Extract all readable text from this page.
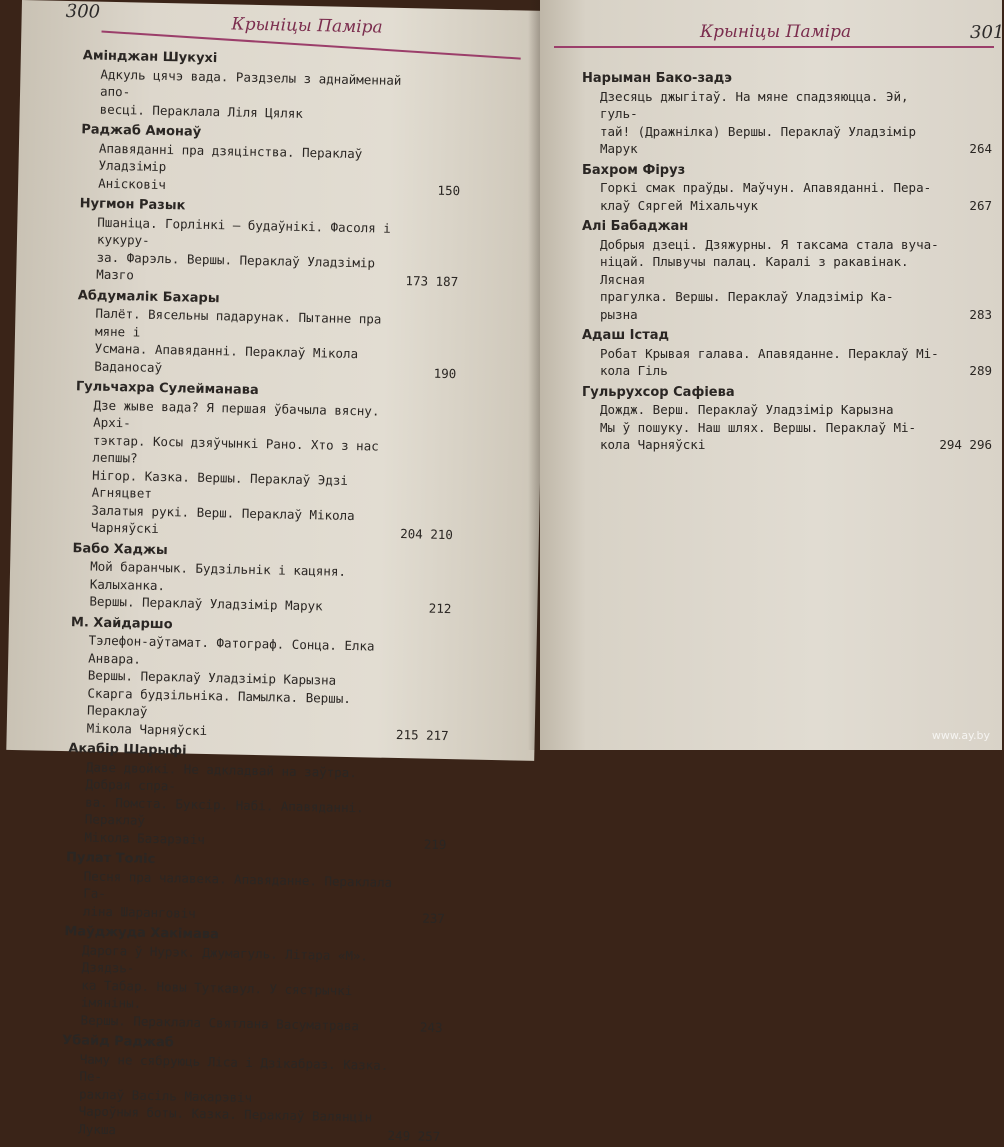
300
Крыніцы Паміра
Амінджан Шукухі
Адкуль цячэ вада. Раздзелы з аднайменнай апо-
весці. Пераклала Ліля Цяляк
Раджаб Амонаў
Апавяданні пра дзяцінства. Пераклаў Уладзімір
Анісковіч	150
Нугмон Разык
Пшаніца. Горлінкі — будаўнікі. Фасоля і кукуру-
за. Фарэль. Вершы. Пераклаў Уладзімір Мазго	173 187
Абдумалік Бахары
Палёт. Вясельны падарунак. Пытанне пра мяне і
Усмана. Апавяданні. Пераклаў Мікола Ваданосаў	190
Гульчахра Сулейманава
Дзе жыве вада? Я першая ўбачыла вясну. Архі-
тэктар. Косы дзяўчынкі Рано. Хто з нас лепшы?
Нігор. Казка. Вершы. Пераклаў Эдзі Агняцвет
Залатыя рукі. Верш. Пераклаў Мікола Чарняўскі	204 210
Бабо Хаджы
Мой баранчык. Будзільнік і кацяня. Калыханка.
Вершы. Пераклаў Уладзімір Марук	212
М. Хайдаршо
Тэлефон-аўтамат. Фатограф. Сонца. Елка Анвара.
Вершы. Пераклаў Уладзімір Карызна
Скарга будзільніка. Памылка. Вершы. Пераклаў
Мікола Чарняўскі	215 217
Акабір Шарыфі
Даве двойкі. Не адкладвай на заўтра. Добрая спра-
ва. Помста. Буксір. Набі. Апавяданні. Пераклаў
Мікола Базарэвіч	219
Пулат Толіс
Песня пра чалавека. Апавяданне. Пераклала Га-
ліна Шаранговіч	237
Маўджуда Хакімава
Дарога ў Нурэк. Джумагуль. Літара «М». Дзядзь-
ка Табар. Новы Туткавул. У сястрычкі імяніны.
Вершы. Пераклала Святлана Васуматрава	243
Убайд Раджаб
Чаму не сябруюць Ліса і Дзікабраз. Казка. Пе-
раклаў Васіль Макарэвіч
Чароўныя боты. Казка. Пераклаў Валянцін Лукша	249 257
Крыніцы Паміра	301
Нарыман Бако-задэ
Дзесяць джыгітаў. На мяне спадзяюцца. Эй, гуль-
тай! (Дражнілка) Вершы. Пераклаў Уладзімір
Марук	264
Бахром Фіруз
Горкі смак праўды. Маўчун. Апавяданні. Пера-
клаў Сяргей Міхальчук	267
Алі Бабаджан
Добрыя дзеці. Дзяжурны. Я таксама стала вучa-
ніцай. Плывучы палац. Каралі з ракавінак. Лясная
прагулка. Вершы. Пераклаў Уладзімір Ка-
рызна	283
Адаш Істад
Робат Крывая галава. Апавяданне. Пераклаў Мі-
кола Гіль	289
Гульрухсор Сафіева
Дождж. Верш. Пераклаў Уладзімір Карызна
Мы ў пошуку. Наш шлях. Вершы. Пераклаў Мі-
кола Чарняўскі	294 296
www.ay.by
